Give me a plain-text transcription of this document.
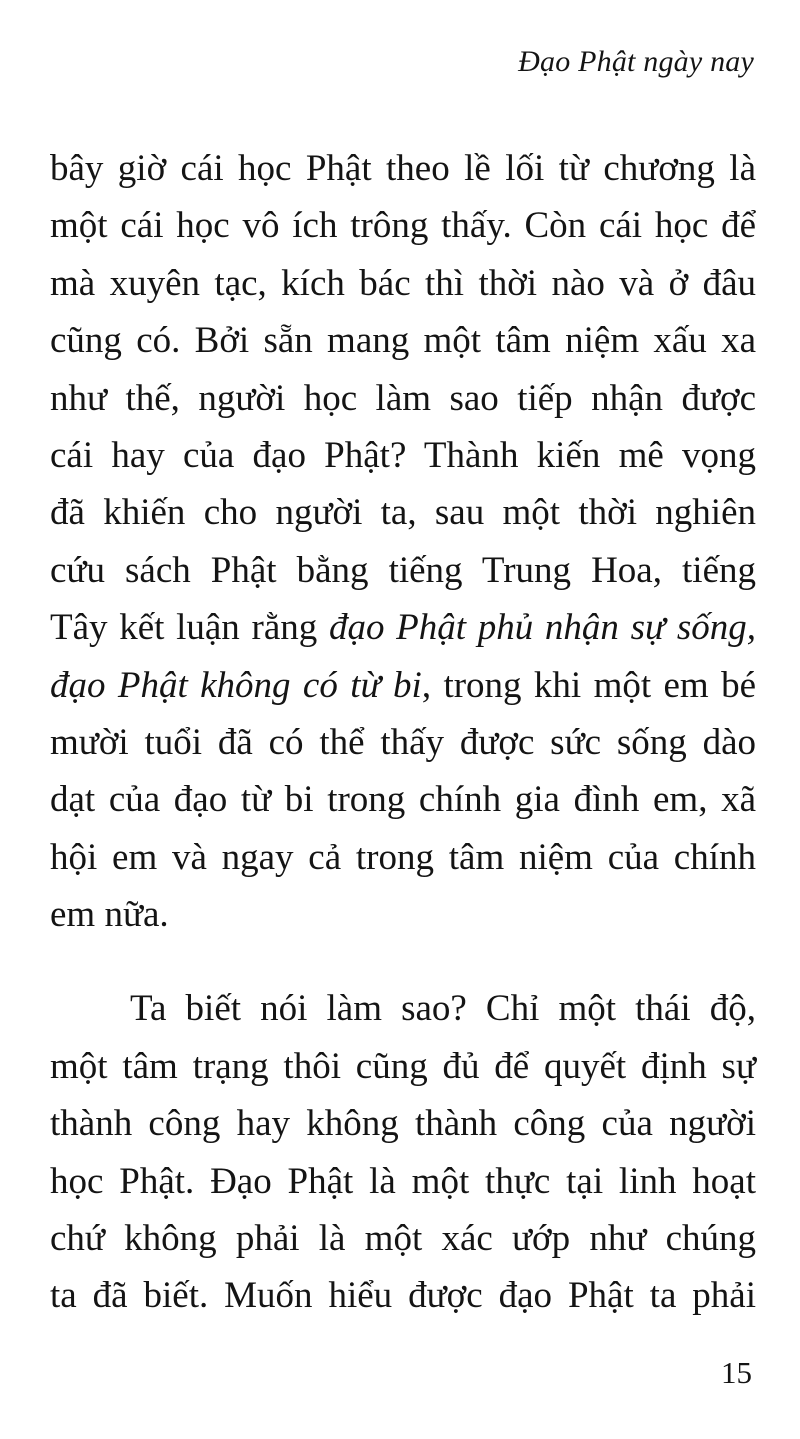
Đạo Phật ngày nay

bây giờ cái học Phật theo lề lối từ chương là
một cái học vô ích trông thấy. Còn cái học để
mà xuyên tạc, kích bác thì thời nào và ở đâu
cũng có. Bởi sẵn mang một tâm niệm xấu xa
như thế, người học làm sao tiếp nhận được
cái hay của đạo Phật? Thành kiến mê vọng
đã khiến cho người ta, sau một thời nghiên
cứu sách Phật bằng tiếng Trung Hoa, tiếng
Tây kết luận rằng đạo Phật phủ nhận sự sống,
đạo Phật không có từ bi, trong khi một em bé
mười tuổi đã có thể thấy được sức sống dào
dạt của đạo từ bi trong chính gia đình em, xã
hội em và ngay cả trong tâm niệm của chính
em nữa.

Ta biết nói làm sao? Chỉ một thái độ,
một tâm trạng thôi cũng đủ để quyết định sự
thành công hay không thành công của người
học Phật. Đạo Phật là một thực tại linh hoạt
chứ không phải là một xác ướp như chúng
ta đã biết. Muốn hiểu được đạo Phật ta phải

15
